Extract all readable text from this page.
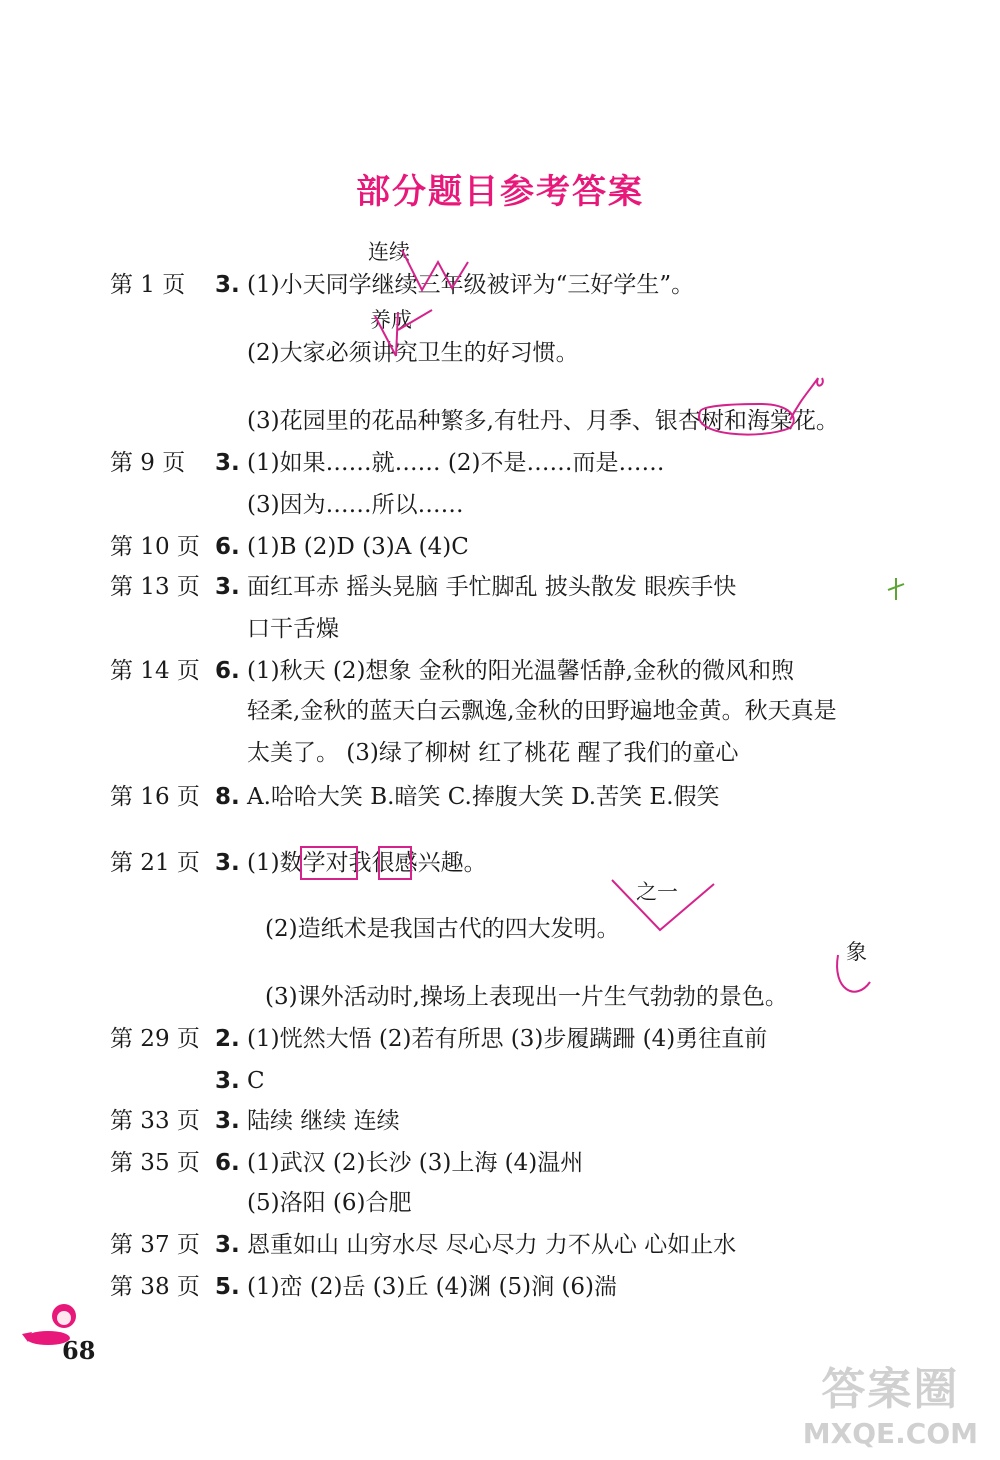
部分题目参考答案
连续
养成
之一
象
第 1 页	3. (1)小天同学继续三年级被评为“三好学生”。
(2)大家必须讲究卫生的好习惯。
(3)花园里的花品种繁多,有牡丹、月季、银杏树和海棠花。
第 9 页	3. (1)如果……就…… (2)不是……而是……
(3)因为……所以……
第 10 页 6. (1)B (2)D (3)A (4)C
第 13 页 3. 面红耳赤 摇头晃脑 手忙脚乱 披头散发 眼疾手快
口干舌燥
第 14 页 6. (1)秋天 (2)想象 金秋的阳光温馨恬静,金秋的微风和煦
轻柔,金秋的蓝天白云飘逸,金秋的田野遍地金黄。秋天真是
太美了。 (3)绿了柳树 红了桃花 醒了我们的童心
第 16 页 8. A.哈哈大笑 B.暗笑 C.捧腹大笑 D.苦笑 E.假笑
第 21 页 3. (1)数学对我很感兴趣。
(2)造纸术是我国古代的四大发明。
(3)课外活动时,操场上表现出一片生气勃勃的景色。
第 29 页 2. (1)恍然大悟 (2)若有所思 (3)步履蹒跚 (4)勇往直前
3. C
第 33 页 3. 陆续 继续 连续
第 35 页 6. (1)武汉 (2)长沙 (3)上海 (4)温州
(5)洛阳 (6)合肥
第 37 页 3. 恩重如山 山穷水尽 尽心尽力 力不从心 心如止水
第 38 页 5. (1)峦 (2)岳 (3)丘 (4)渊 (5)涧 (6)湍
68
答案圈
MXQE.COM
